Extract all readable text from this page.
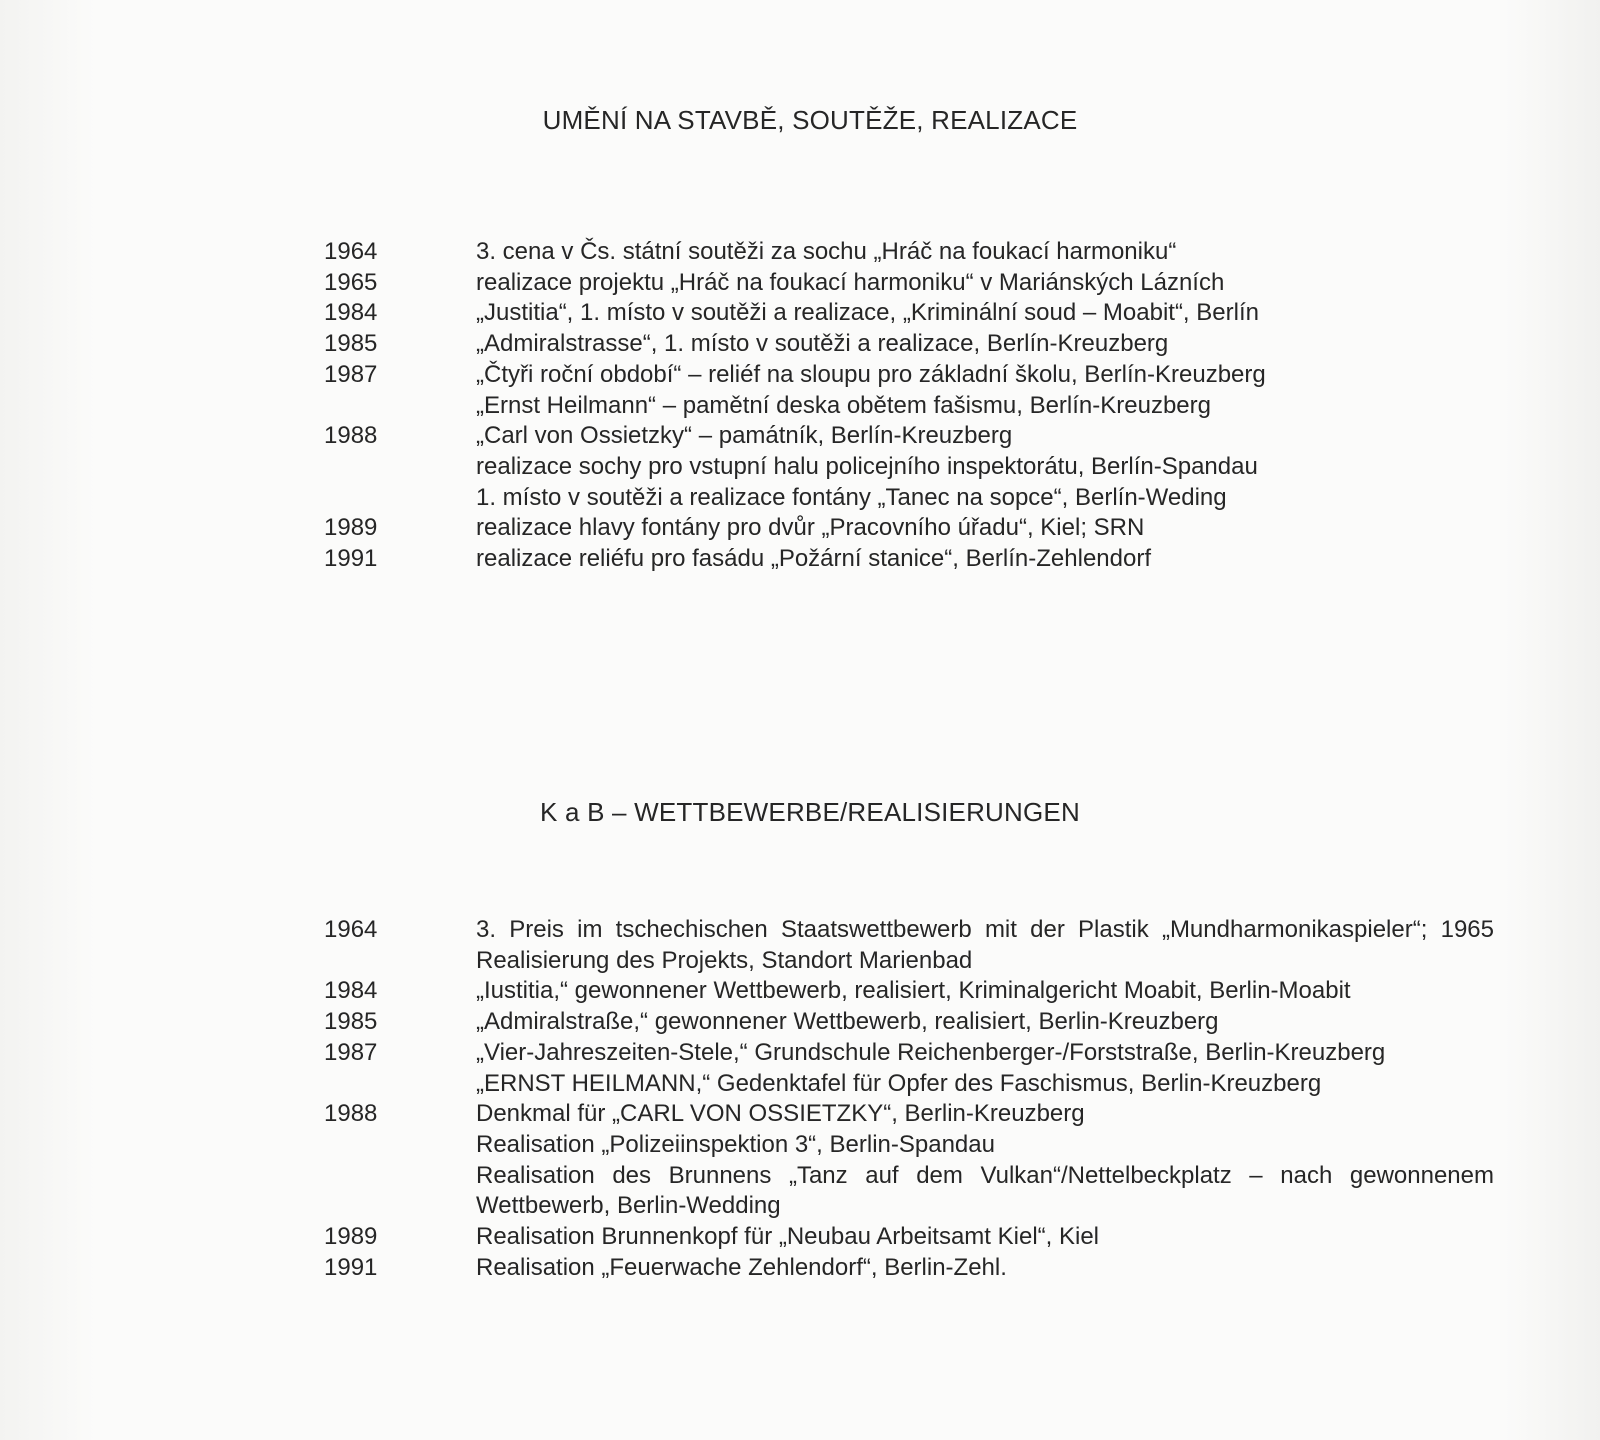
UMĚNÍ NA STAVBĚ, SOUTĚŽE, REALIZACE
1964	3. cena v Čs. státní soutěži za sochu „Hráč na foukací harmoniku“
1965	realizace projektu „Hráč na foukací harmoniku“ v Mariánských Lázních
1984	„Justitia“, 1. místo v soutěži a realizace, „Kriminální soud – Moabit“, Berlín
1985	„Admiralstrasse“, 1. místo v soutěži a realizace, Berlín-Kreuzberg
1987	„Čtyři roční období“ – reliéf na sloupu pro základní školu, Berlín-Kreuzberg
„Ernst Heilmann“ – pamětní deska obětem fašismu, Berlín-Kreuzberg
1988	„Carl von Ossietzky“ – památník, Berlín-Kreuzberg
realizace sochy pro vstupní halu policejního inspektorátu, Berlín-Spandau
1. místo v soutěži a realizace fontány „Tanec na sopce“, Berlín-Weding
1989	realizace hlavy fontány pro dvůr „Pracovního úřadu“, Kiel; SRN
1991	realizace reliéfu pro fasádu „Požární stanice“, Berlín-Zehlendorf
K a B – WETTBEWERBE/REALISIERUNGEN
1964	3. Preis im tschechischen Staatswettbewerb mit der Plastik „Mundharmonikaspieler“; 1965 Realisierung des Projekts, Standort Marienbad
1984	„Iustitia,“ gewonnener Wettbewerb, realisiert, Kriminalgericht Moabit, Berlin-Moabit
1985	„Admiralstraße,“ gewonnener Wettbewerb, realisiert, Berlin-Kreuzberg
1987	„Vier-Jahreszeiten-Stele,“ Grundschule Reichenberger-/Forststraße, Berlin-Kreuzberg
„ERNST HEILMANN,“ Gedenktafel für Opfer des Faschismus, Berlin-Kreuzberg
1988	Denkmal für „CARL VON OSSIETZKY“, Berlin-Kreuzberg
Realisation „Polizeiinspektion 3“, Berlin-Spandau
Realisation des Brunnens „Tanz auf dem Vulkan“/Nettelbeckplatz – nach gewonnenem Wettbewerb, Berlin-Wedding
1989	Realisation Brunnenkopf für „Neubau Arbeitsamt Kiel“, Kiel
1991	Realisation „Feuerwache Zehlendorf“, Berlin-Zehl.
